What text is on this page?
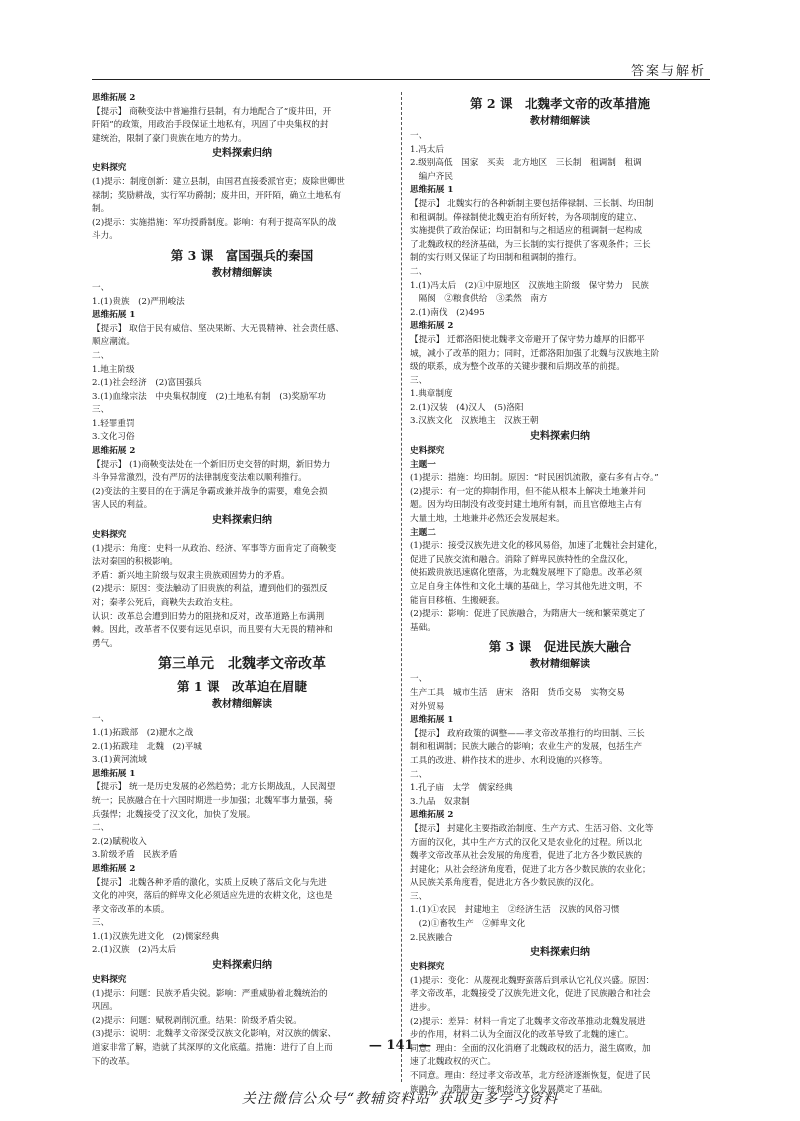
答案与解析
思维拓展 2
【提示】 商鞅变法中普遍推行县制，有力地配合了“废井田，开
阡陌”的政策，用政治手段保证土地私有，巩固了中央集权的封
建统治，限制了豪门贵族在地方的势力。
史料探索归纳
史料探究
(1)提示：制度创新：建立县制，由国君直接委派官吏；废除世卿世
禄制；奖励耕战，实行军功爵制；废井田，开阡陌，确立土地私有
制。
(2)提示：实施措施：军功授爵制度。影响：有利于提高军队的战
斗力。
第 3 课　富国强兵的秦国
教材精细解读
一、
1.(1)贵族　(2)严刑峻法
思维拓展 1
【提示】 取信于民有威信、坚决果断、大无畏精神、社会责任感、
顺应潮流。
二、
1.地主阶级
2.(1)社会经济　(2)富国强兵
3.(1)血缘宗法　中央集权制度　(2)土地私有制　(3)奖励军功
三、
1.轻罪重罚
3.文化习俗
思维拓展 2
【提示】 (1)商鞅变法处在一个新旧历史交替的时期，新旧势力
斗争异常激烈，没有严厉的法律制度变法难以顺利推行。
(2)变法的主要目的在于满足争霸或兼并战争的需要，难免会损
害人民的利益。
史料探索归纳
史料探究
(1)提示：角度：史料一从政治、经济、军事等方面肯定了商鞅变
法对秦国的积极影响。
矛盾：新兴地主阶级与奴隶主贵族顽固势力的矛盾。
(2)提示：原因：变法触动了旧贵族的利益，遭到他们的强烈反
对；秦孝公死后，商鞅失去政治支柱。
认识：改革总会遭到旧势力的阻挠和反对，改革道路上布满荆
棘。因此，改革者不仅要有远见卓识，而且要有大无畏的精神和
勇气。
第三单元　北魏孝文帝改革
第 1 课　改革迫在眉睫
教材精细解读
一、
1.(1)拓跋部　(2)淝水之战
2.(1)拓跋珪　北魏　(2)平城
3.(1)黄河流域
思维拓展 1
【提示】 统一是历史发展的必然趋势；北方长期战乱，人民渴望
统一；民族融合在十六国时期进一步加强；北魏军事力量强，骑
兵强悍；北魏接受了汉文化，加快了发展。
二、
2.(2)賦税收入
3.阶级矛盾　民族矛盾
思维拓展 2
【提示】 北魏各种矛盾的激化，实质上反映了落后文化与先进
文化的冲突，落后的鲜卑文化必须适应先进的农耕文化，这也是
孝文帝改革的本质。
三、
1.(1)汉族先进文化　(2)儒家经典
2.(1)汉族　(2)冯太后
史料探索归纳
史料探究
(1)提示：问题：民族矛盾尖锐。影响：严重威胁着北魏统治的
巩固。
(2)提示：问题：赋税剥削沉重。结果：阶级矛盾尖锐。
(3)提示：说明：北魏孝文帝深受汉族文化影响，对汉族的儒家、
道家非常了解，造就了其深厚的文化底蕴。措施：进行了自上而
下的改革。
第 2 课　北魏孝文帝的改革措施
教材精细解读
一、
1.冯太后
2.级别高低　国家　买卖　北方地区　三长制　租调制　租调
　编户齐民
思维拓展 1
【提示】 北魏实行的各种新制主要包括俸禄制、三长制、均田制
和租调制。俸禄制使北魏吏治有所好转，为各项制度的建立、
实施提供了政治保证；均田制和与之相适应的租调制一起构成
了北魏政权的经济基础，为三长制的实行提供了客观条件；三长
制的实行则又保证了均田制和租调制的推行。
二、
1.(1)冯太后　(2)①中原地区　汉族地主阶级　保守势力　民族
　隔阂　②粮食供给　③柔然　南方
2.(1)南伐　(2)495
思维拓展 2
【提示】 迁都洛阳使北魏孝文帝避开了保守势力雄厚的旧都平
城，减小了改革的阻力；同时，迁都洛阳加强了北魏与汉族地主阶
级的联系，成为整个改革的关键步骤和后期改革的前提。
三、
1.典章制度
2.(1)汉装　(4)汉人　(5)洛阳
3.汉族文化　汉族地主　汉族王朝
史料探索归纳
史料探究
主题一
(1)提示：措施：均田制。原因：“时民困饥流散，豪右多有占夺。”
(2)提示：有一定的抑制作用，但不能从根本上解决土地兼并问
题。因为均田制没有改变封建土地所有制，而且官僚地主占有
大量土地，土地兼并必然还会发展起来。
主题二
(1)提示：接受汉族先进文化的移风易俗，加速了北魏社会封建化，
促进了民族交流和融合。消除了鲜卑民族特性的全盘汉化，
使拓跋贵族迅速腐化堕落，为北魏发展埋下了隐患。改革必须
立足自身主体性和文化土壤的基础上，学习其他先进文明，不
能盲目移植、生搬硬套。
(2)提示：影响：促进了民族融合，为隋唐大一统和繁荣奠定了
基础。
第 3 课　促进民族大融合
教材精细解读
一、
生产工具　城市生活　唐宋　洛阳　货币交易　实物交易
对外贸易
思维拓展 1
【提示】 政府政策的调整——孝文帝改革推行的均田制、三长
制和租调制；民族大融合的影响；农业生产的发展，包括生产
工具的改进、耕作技术的进步、水利设施的兴修等。
二、
1.孔子庙　太学　儒家经典
3.九品　奴隶制
思维拓展 2
【提示】 封建化主要指政治制度、生产方式、生活习俗、文化等
方面的汉化，其中生产方式的汉化又是农业化的过程。所以北
魏孝文帝改革从社会发展的角度看，促进了北方各少数民族的
封建化；从社会经济角度看，促进了北方各少数民族的农业化；
从民族关系角度看，促进北方各少数民族的汉化。
三、
1.(1)①农民　封建地主　②经济生活　汉族的风俗习惯
　(2)①畜牧生产　②鲜卑文化
2.民族融合
史料探索归纳
史料探究
(1)提示：变化：从蔑视北魏野蛮落后到承认它礼仪兴盛。原因：
孝文帝改革，北魏接受了汉族先进文化，促进了民族融合和社会
进步。
(2)提示：差异：材料一肯定了北魏孝文帝改革推动北魏发展进
步的作用，材料二认为全面汉化的改革导致了北魏的速亡。
同意。理由：全面的汉化消磨了北魏政权的活力，滋生腐败，加
速了北魏政权的灭亡。
不同意。理由：经过孝文帝改革，北方经济逐渐恢复，促进了民
族融合，为隋唐大一统和经济文化发展奠定了基础。
— 141 —
关注微信公众号“教辅资料站”获取更多学习资料
